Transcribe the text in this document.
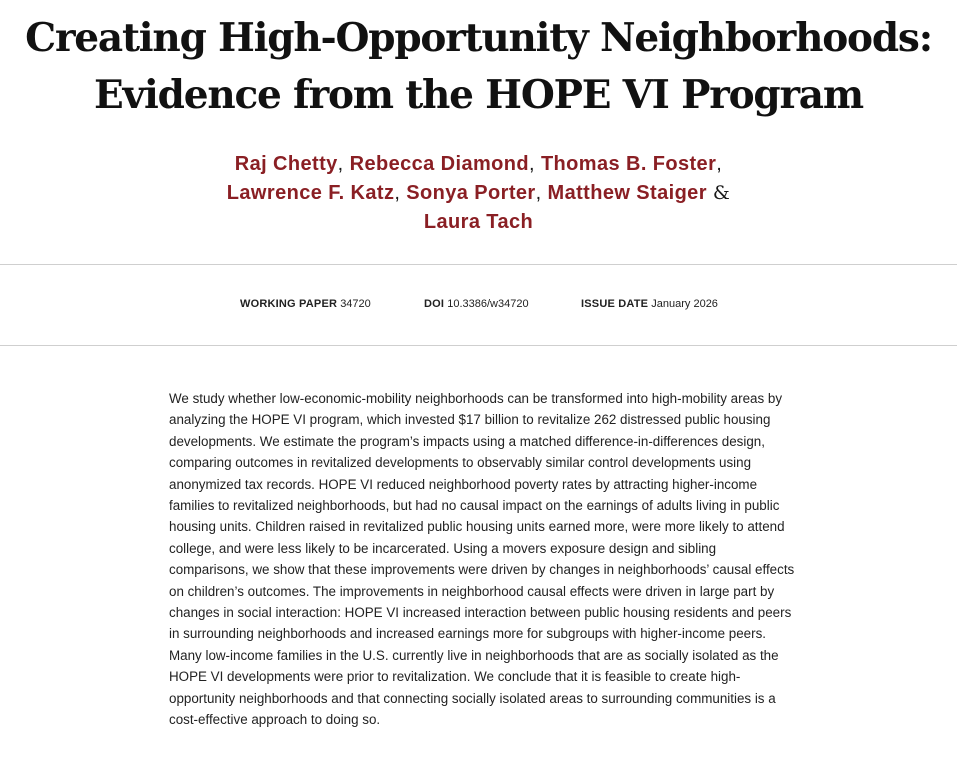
Creating High-Opportunity Neighborhoods:
Evidence from the HOPE VI Program
Raj Chetty, Rebecca Diamond, Thomas B. Foster,
Lawrence F. Katz, Sonya Porter, Matthew Staiger &
Laura Tach
WORKING PAPER 34720	DOI 10.3386/w34720	ISSUE DATE January 2026

We study whether low-economic-mobility neighborhoods can be transformed into high-mobility areas by analyzing the HOPE VI program, which invested $17 billion to revitalize 262 distressed public housing developments. We estimate the program’s impacts using a matched difference-in-differences design, comparing outcomes in revitalized developments to observably similar control developments using anonymized tax records. HOPE VI reduced neighborhood poverty rates by attracting higher-income families to revitalized neighborhoods, but had no causal impact on the earnings of adults living in public housing units. Children raised in revitalized public housing units earned more, were more likely to attend college, and were less likely to be incarcerated. Using a movers exposure design and sibling comparisons, we show that these improvements were driven by changes in neighborhoods’ causal effects on children’s outcomes. The improvements in neighborhood causal effects were driven in large part by changes in social interaction: HOPE VI increased interaction between public housing residents and peers in surrounding neighborhoods and increased earnings more for subgroups with higher-income peers. Many low-income families in the U.S. currently live in neighborhoods that are as socially isolated as the HOPE VI developments were prior to revitalization. We conclude that it is feasible to create high-opportunity neighborhoods and that connecting socially isolated areas to surrounding communities is a cost-effective approach to doing so.
